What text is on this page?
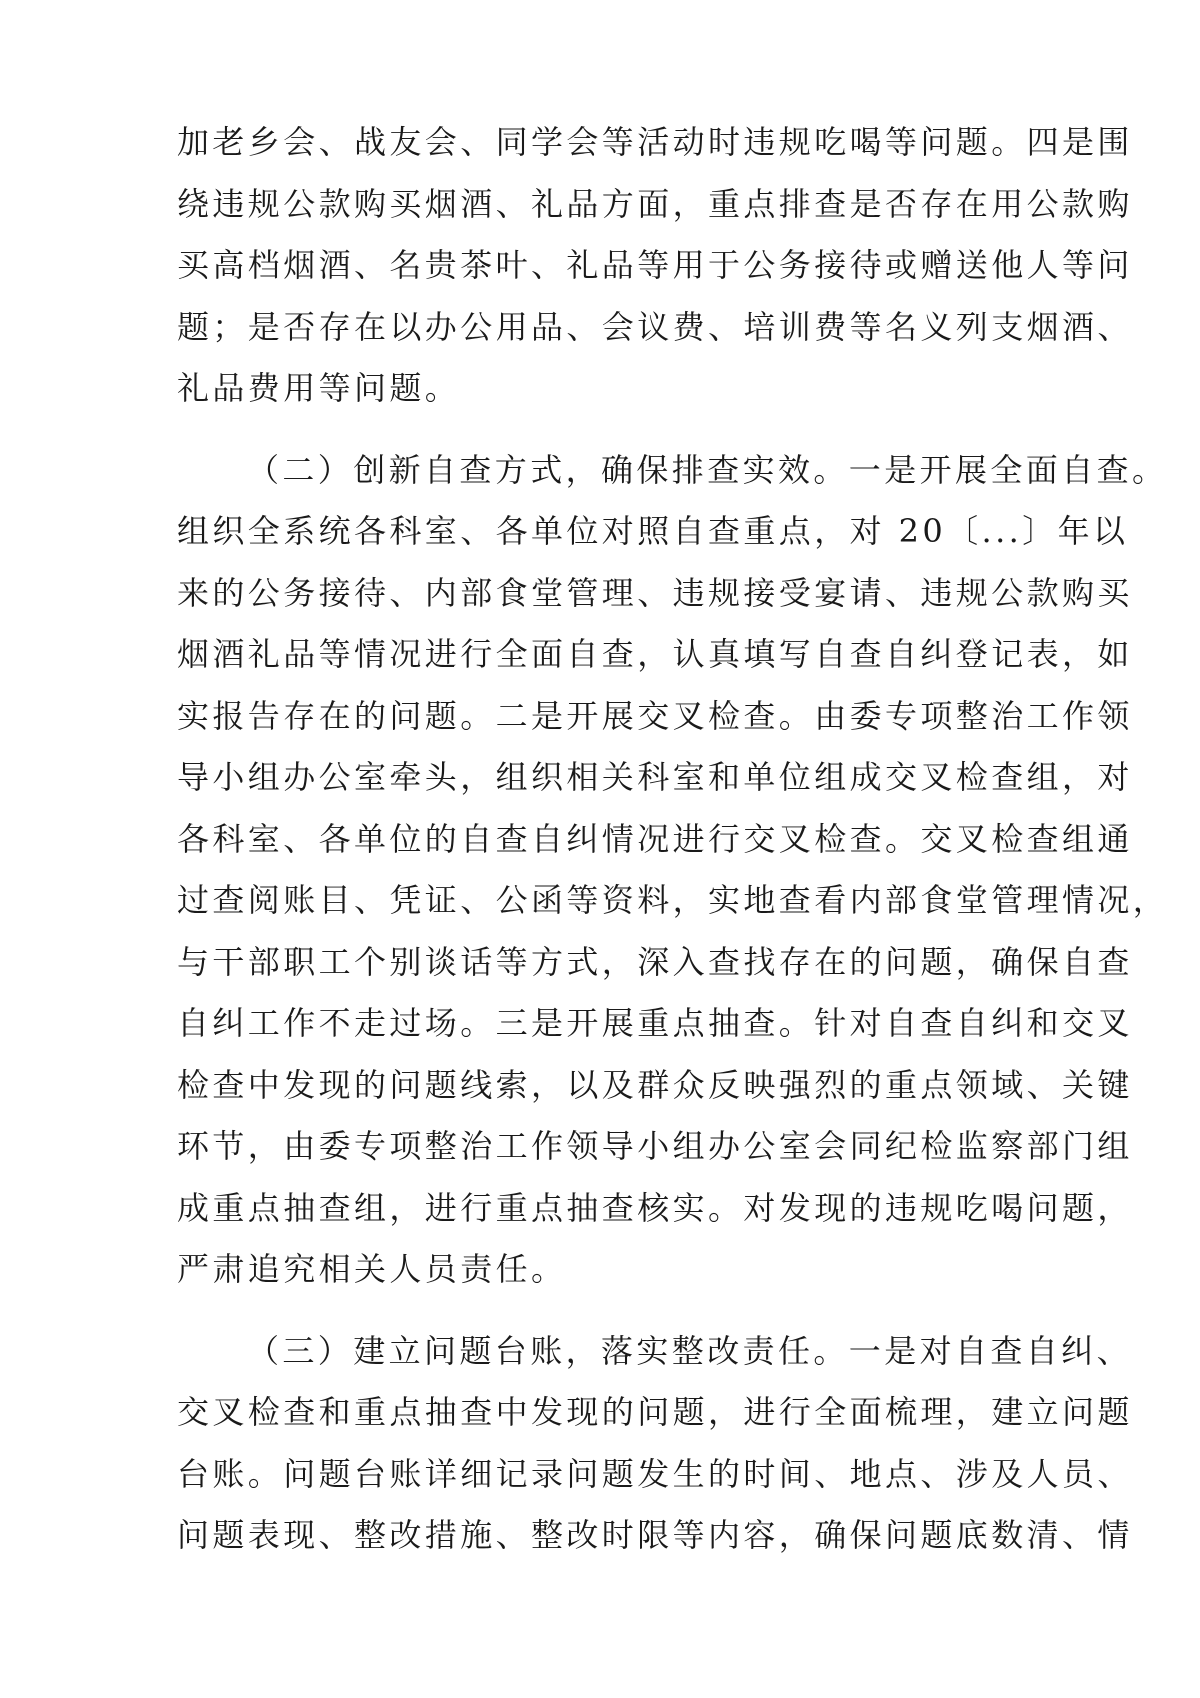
加老乡会、战友会、同学会等活动时违规吃喝等问题。四是围
绕违规公款购买烟酒、礼品方面，重点排查是否存在用公款购
买高档烟酒、名贵茶叶、礼品等用于公务接待或赠送他人等问
题；是否存在以办公用品、会议费、培训费等名义列支烟酒、
礼品费用等问题。
（二）创新自查方式，确保排查实效。一是开展全面自查。
组织全系统各科室、各单位对照自查重点，对 20〔...〕年以
来的公务接待、内部食堂管理、违规接受宴请、违规公款购买
烟酒礼品等情况进行全面自查，认真填写自查自纠登记表，如
实报告存在的问题。二是开展交叉检查。由委专项整治工作领
导小组办公室牵头，组织相关科室和单位组成交叉检查组，对
各科室、各单位的自查自纠情况进行交叉检查。交叉检查组通
过查阅账目、凭证、公函等资料，实地查看内部食堂管理情况，
与干部职工个别谈话等方式，深入查找存在的问题，确保自查
自纠工作不走过场。三是开展重点抽查。针对自查自纠和交叉
检查中发现的问题线索，以及群众反映强烈的重点领域、关键
环节，由委专项整治工作领导小组办公室会同纪检监察部门组
成重点抽查组，进行重点抽查核实。对发现的违规吃喝问题，
严肃追究相关人员责任。
（三）建立问题台账，落实整改责任。一是对自查自纠、
交叉检查和重点抽查中发现的问题，进行全面梳理，建立问题
台账。问题台账详细记录问题发生的时间、地点、涉及人员、
问题表现、整改措施、整改时限等内容，确保问题底数清、情
